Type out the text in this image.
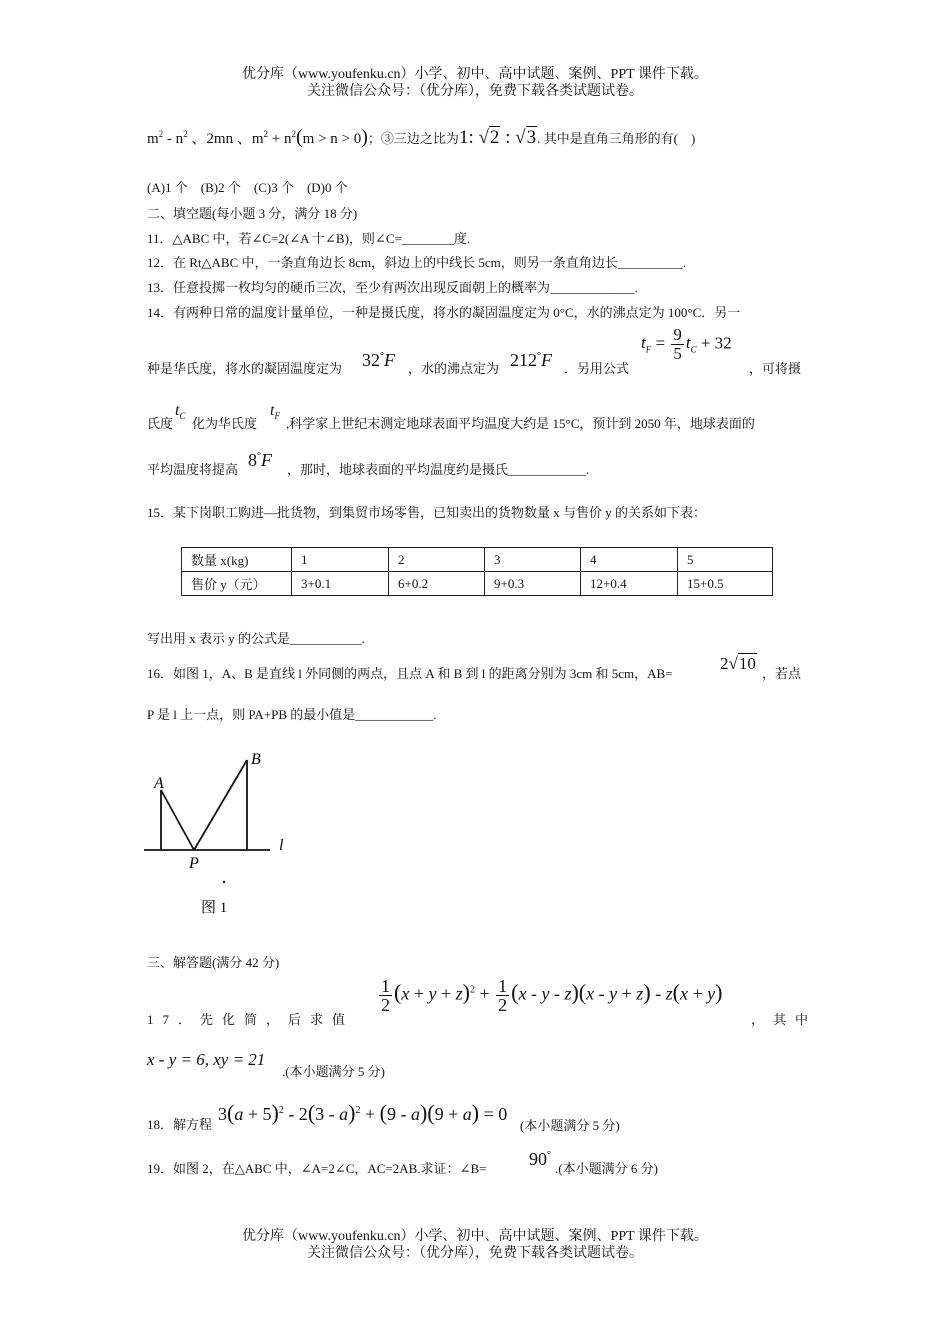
优分库（www.youfenku.cn）小学、初中、高中试题、案例、PPT 课件下载。
关注微信公众号：（优分库），免费下载各类试题试卷。
$m^2 - n^2$ 、2mn 、$m^2 + n^2(m > n > 0)$；③三边之比为1: √2 : √3. 其中是直角三角形的有(　)
(A)1 个　(B)2 个　(C)3 个　(D)0 个
二、填空题(每小题 3 分，满分 18 分)
11．△ABC 中，若∠C=2(∠A 十∠B)，则∠C=________度.
12．在 Rt△ABC 中，一条直角边长 8cm，斜边上的中线长 5cm，则另一条直角边长__________.
13．任意投掷一枚均匀的硬币三次，至少有两次出现反面朝上的概率为_____________.
14．有两种日常的温度计量单位，一种是摄氏度，将水的凝固温度定为 0°C，水的沸点定为 100°C．另一
种是华氏度，将水的凝固温度定为 32°F ，水的沸点定为 212°F ．另用公式
$t_F = \frac{9}{5} t_C + 32$
，可将摄
氏度
$t_C$ 化为华氏度
$t_F$ ,科学家上世纪末测定地球表面平均温度大约是 15°C，预计到 2050 年，地球表面的
平均温度将提高 8°F ，那时，地球表面的平均温度约是摄氏____________.
15．某下岗职工购进—批货物，到集贸市场零售，已知卖出的货物数量 x 与售价 y 的关系如下表：
数量 x(kg)	1	2	3	4	5
售价 y（元）	3+0.1	6+0.2	9+0.3	12+0.4	15+0.5
写出用 x 表示 y 的公式是___________.
16．如图 1，A、B 是直线 l 外同侧的两点，且点 A 和 B 到 l 的距离分别为 3cm 和 5cm，AB=
2√10
，若点
P 是 l 上一点，则 PA+PB 的最小值是____________.
A
B
P
l
图 1
三、解答题(满分 42 分)
17．先化简，后求值
$\frac{1}{2} (x + y + z)^2 + \frac{1}{2} (x - y - z)(x - y + z) - z(x + y)$
，其中
x - y = 6, xy = 21
.(本小题满分 5 分)
18．解方程
$3(a + 5)^2 - 2(3 - a)^2 + (9 - a)(9 + a) = 0$
(本小题满分 5 分)
19．如图 2，在△ABC 中，∠A=2∠C，AC=2AB.求证：∠B= 90°
.(本小题满分 6 分)
优分库（www.youfenku.cn）小学、初中、高中试题、案例、PPT 课件下载。
关注微信公众号：（优分库），免费下载各类试题试卷。
